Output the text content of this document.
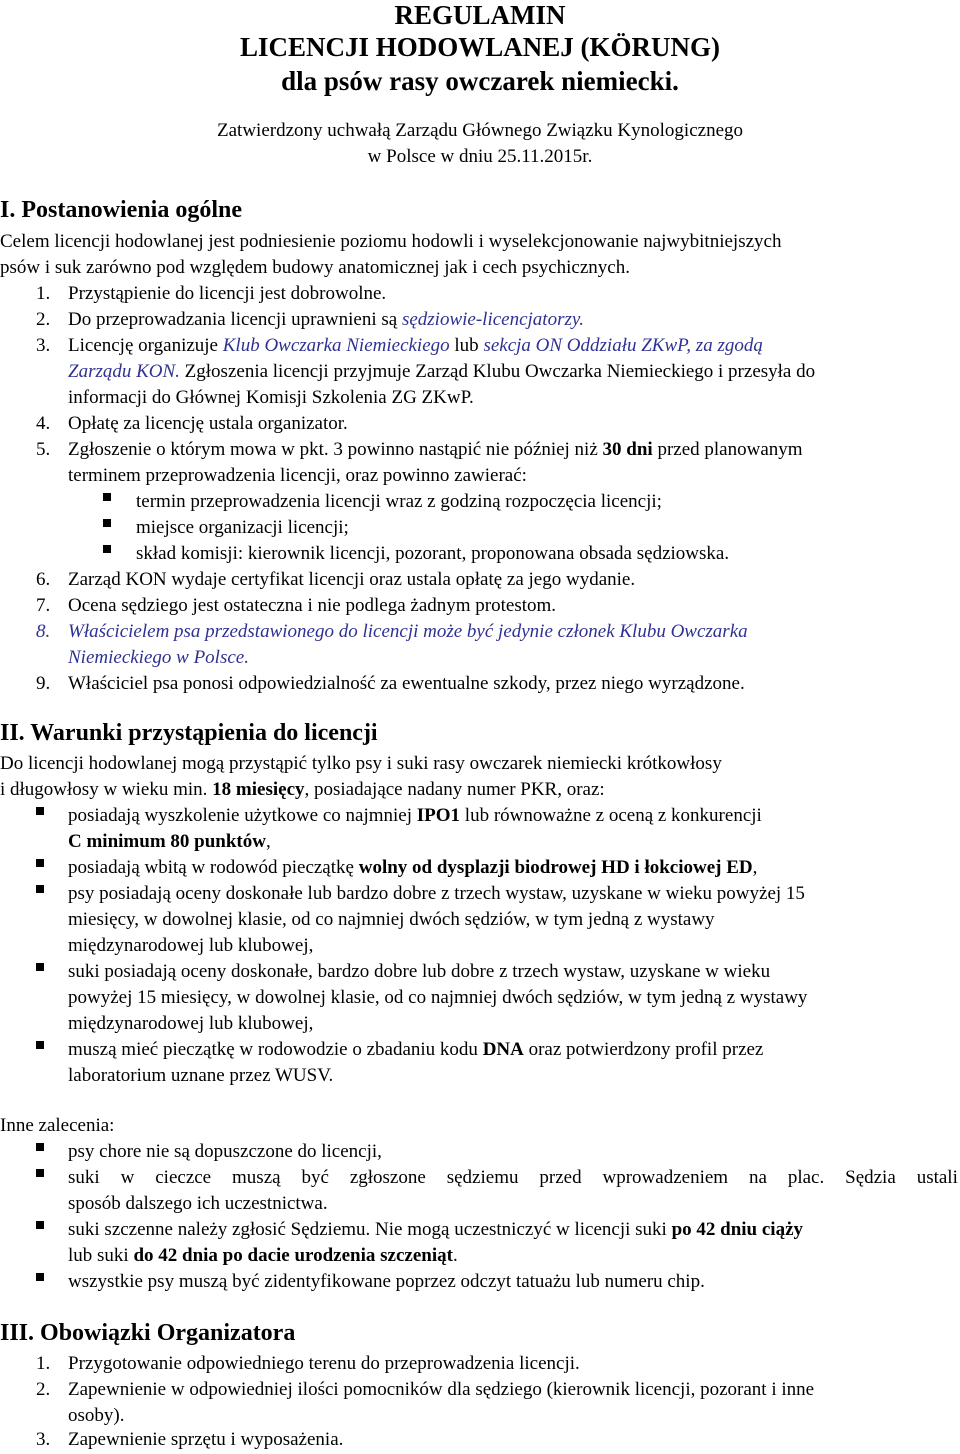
REGULAMIN
LICENCJI HODOWLANEJ (KÖRUNG)
dla psów rasy owczarek niemiecki.
Zatwierdzony uchwałą Zarządu Głównego Związku Kynologicznego
w Polsce w dniu 25.11.2015r.
I. Postanowienia ogólne
Celem licencji hodowlanej jest podniesienie poziomu hodowli i wyselekcjonowanie najwybitniejszych
psów i suk zarówno pod względem budowy anatomicznej jak i cech psychicznych.
1. Przystąpienie do licencji jest dobrowolne.
2. Do przeprowadzania licencji uprawnieni są sędziowie-licencjatorzy.
3. Licencję organizuje Klub Owczarka Niemieckiego lub sekcja ON Oddziału ZKwP, za zgodą
Zarządu KON. Zgłoszenia licencji przyjmuje Zarząd Klubu Owczarka Niemieckiego i przesyła do
informacji do Głównej Komisji Szkolenia ZG ZKwP.
4. Opłatę za licencję ustala organizator.
5. Zgłoszenie o którym mowa w pkt. 3 powinno nastąpić nie później niż 30 dni przed planowanym
terminem przeprowadzenia licencji, oraz powinno zawierać:
termin przeprowadzenia licencji wraz z godziną rozpoczęcia licencji;
miejsce organizacji licencji;
skład komisji: kierownik licencji, pozorant, proponowana obsada sędziowska.
6. Zarząd KON wydaje certyfikat licencji oraz ustala opłatę za jego wydanie.
7. Ocena sędziego jest ostateczna i nie podlega żadnym protestom.
8. Właścicielem psa przedstawionego do licencji może być jedynie członek Klubu Owczarka
Niemieckiego w Polsce.
9. Właściciel psa ponosi odpowiedzialność za ewentualne szkody, przez niego wyrządzone.
II. Warunki przystąpienia do licencji
Do licencji hodowlanej mogą przystąpić tylko psy i suki rasy owczarek niemiecki krótkowłosy
i długowłosy w wieku min. 18 miesięcy, posiadające nadany numer PKR, oraz:
posiadają wyszkolenie użytkowe co najmniej IPO1 lub równoważne z oceną z konkurencji
C minimum 80 punktów,
posiadają wbitą w rodowód pieczątkę wolny od dysplazji biodrowej HD i łokciowej ED,
psy posiadają oceny doskonałe lub bardzo dobre z trzech wystaw, uzyskane w wieku powyżej 15
miesięcy, w dowolnej klasie, od co najmniej dwóch sędziów, w tym jedną z wystawy
międzynarodowej lub klubowej,
suki posiadają oceny doskonałe, bardzo dobre lub dobre z trzech wystaw, uzyskane w wieku
powyżej 15 miesięcy, w dowolnej klasie, od co najmniej dwóch sędziów, w tym jedną z wystawy
międzynarodowej lub klubowej,
muszą mieć pieczątkę w rodowodzie o zbadaniu kodu DNA oraz potwierdzony profil przez
laboratorium uznane przez WUSV.
Inne zalecenia:
psy chore nie są dopuszczone do licencji,
suki w cieczce muszą być zgłoszone sędziemu przed wprowadzeniem na plac. Sędzia ustali
sposób dalszego ich uczestnictwa.
suki szczenne należy zgłosić Sędziemu. Nie mogą uczestniczyć w licencji suki po 42 dniu ciąży
lub suki do 42 dnia po dacie urodzenia szczeniąt.
wszystkie psy muszą być zidentyfikowane poprzez odczyt tatuażu lub numeru chip.
III. Obowiązki Organizatora
1. Przygotowanie odpowiedniego terenu do przeprowadzenia licencji.
2. Zapewnienie w odpowiedniej ilości pomocników dla sędziego (kierownik licencji, pozorant i inne
osoby).
3. Zapewnienie sprzętu i wyposażenia.
